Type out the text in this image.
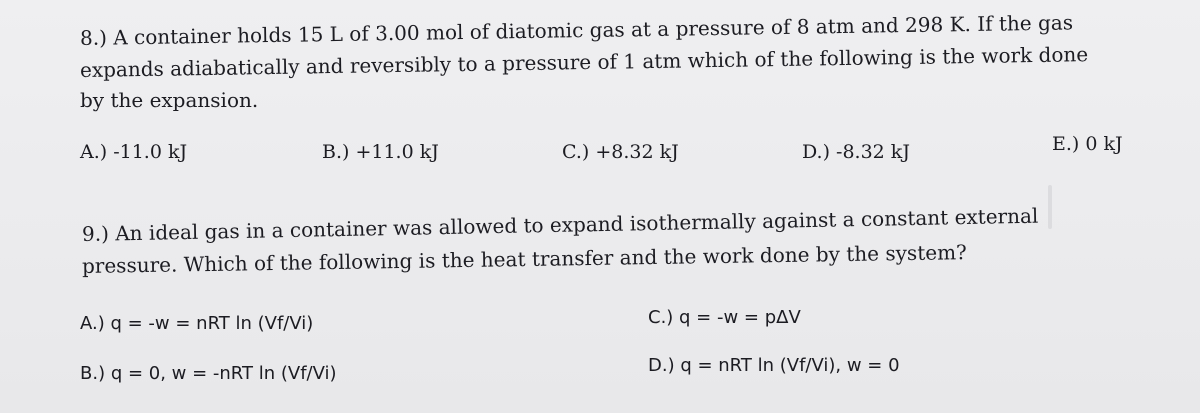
8.) A container holds 15 L of 3.00 mol of diatomic gas at a pressure of 8 atm and 298 K. If the gas
expands adiabatically and reversibly to a pressure of 1 atm which of the following is the work done
by the expansion.
A.) -11.0 kJ	B.) +11.0 kJ	C.) +8.32 kJ	D.) -8.32 kJ	E.) 0 kJ
9.) An ideal gas in a container was allowed to expand isothermally against a constant external
pressure. Which of the following is the heat transfer and the work done by the system?
A.) q = -w = nRT ln (Vf/Vi)	C.) q = -w = pΔV
B.) q = 0, w = -nRT ln (Vf/Vi)	D.) q = nRT ln (Vf/Vi), w = 0
